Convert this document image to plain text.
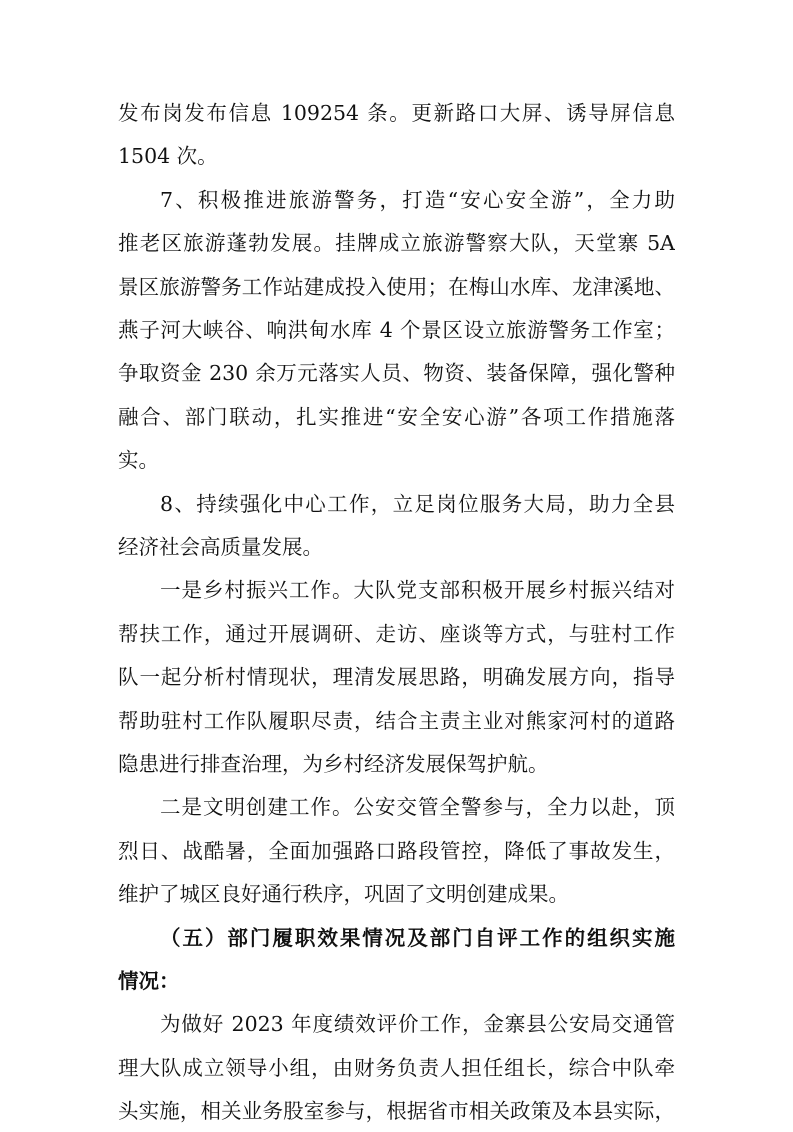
发布岗发布信息 109254 条。更新路口大屏、诱导屏信息
1504 次。
7、积极推进旅游警务，打造“安心安全游”，全力助
推老区旅游蓬勃发展。挂牌成立旅游警察大队，天堂寨 5A
景区旅游警务工作站建成投入使用；在梅山水库、龙津溪地、
燕子河大峡谷、响洪甸水库 4 个景区设立旅游警务工作室；
争取资金 230 余万元落实人员、物资、装备保障，强化警种
融合、部门联动，扎实推进“安全安心游”各项工作措施落
实。
8、持续强化中心工作，立足岗位服务大局，助力全县
经济社会高质量发展。
一是乡村振兴工作。大队党支部积极开展乡村振兴结对
帮扶工作，通过开展调研、走访、座谈等方式，与驻村工作
队一起分析村情现状，理清发展思路，明确发展方向，指导
帮助驻村工作队履职尽责，结合主责主业对熊家河村的道路
隐患进行排查治理，为乡村经济发展保驾护航。
二是文明创建工作。公安交管全警参与，全力以赴，顶
烈日、战酷暑，全面加强路口路段管控，降低了事故发生，
维护了城区良好通行秩序，巩固了文明创建成果。
（五）部门履职效果情况及部门自评工作的组织实施
情况：
为做好 2023 年度绩效评价工作，金寨县公安局交通管
理大队成立领导小组，由财务负责人担任组长，综合中队牵
头实施，相关业务股室参与，根据省市相关政策及本县实际，
